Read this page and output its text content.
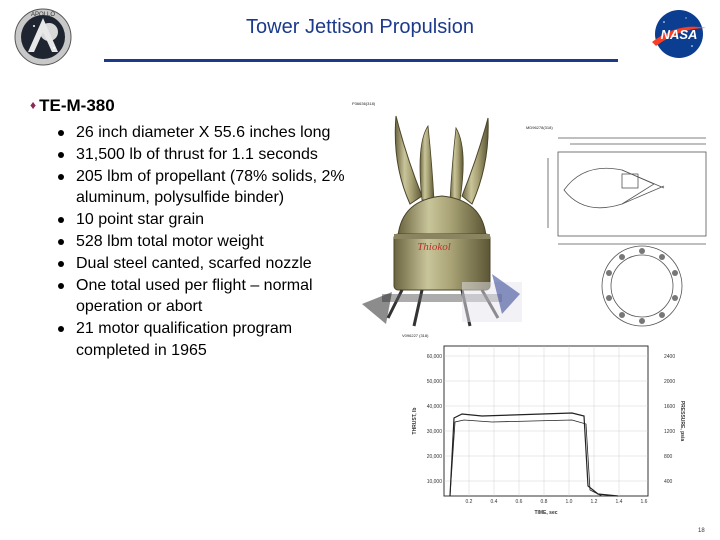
APOLLO
Tower Jettison Propulsion	NASA
♦ TE-M-380
26 inch diameter X 55.6 inches long
31,500 lb of thrust for 1.1 seconds
205 lbm of propellant (78% solids, 2% aluminum, polysulfide binder)
10 point star grain
528 lbm total motor weight
Dual steel canted, scarfed nozzle
One total used per flight – normal operation or abort
21 motor qualification program completed in 1965
P36636(318)
Thiokol
MD96278(318)
V096227 (318)
60,000
50,000
40,000
30,000
20,000
10,000
2400
2000
1600
1200
800
400
0.2	0.4	0.6	0.8	1.0	1.2	1.4	1.6
TIME, sec
THRUST, lb	PRESSURE, psia
18
